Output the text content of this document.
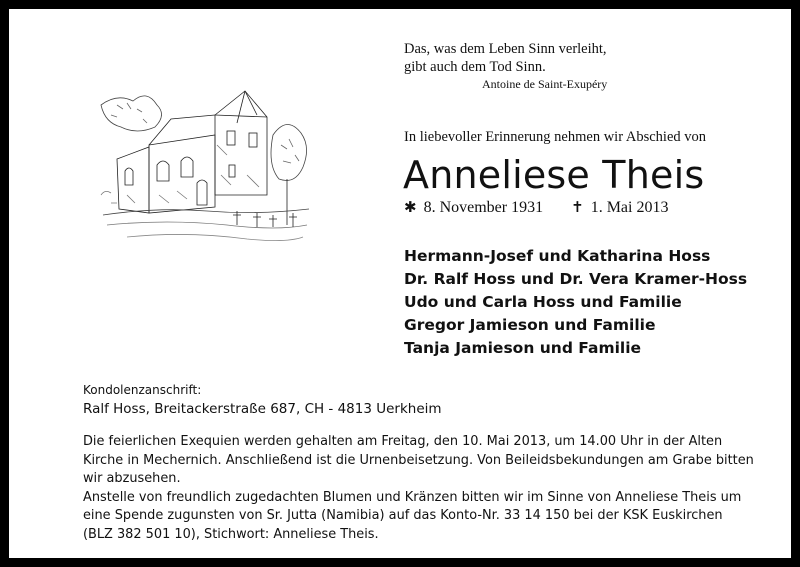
Das, was dem Leben Sinn verleiht,
gibt auch dem Tod Sinn.
Antoine de Saint-Exupéry
In liebevoller Erinnerung nehmen wir Abschied von
Anneliese Theis
✱ 8. November 1931 ✝ 1. Mai 2013
Hermann-Josef und Katharina Hoss
Dr. Ralf Hoss und Dr. Vera Kramer-Hoss
Udo und Carla Hoss und Familie
Gregor Jamieson und Familie
Tanja Jamieson und Familie
Kondolenzanschrift:
Ralf Hoss, Breitackerstraße 687, CH - 4813 Uerkheim

Die feierlichen Exequien werden gehalten am Freitag, den 10. Mai 2013, um 14.00 Uhr in der Alten

Kirche in Mechernich. Anschließend ist die Urnenbeisetzung. Von Beileidsbekundungen am Grabe bitten

wir abzusehen.

Anstelle von freundlich zugedachten Blumen und Kränzen bitten wir im Sinne von Anneliese Theis um

eine Spende zugunsten von Sr. Jutta (Namibia) auf das Konto-Nr. 33 14 150 bei der KSK Euskirchen

(BLZ 382 501 10), Stichwort: Anneliese Theis.
